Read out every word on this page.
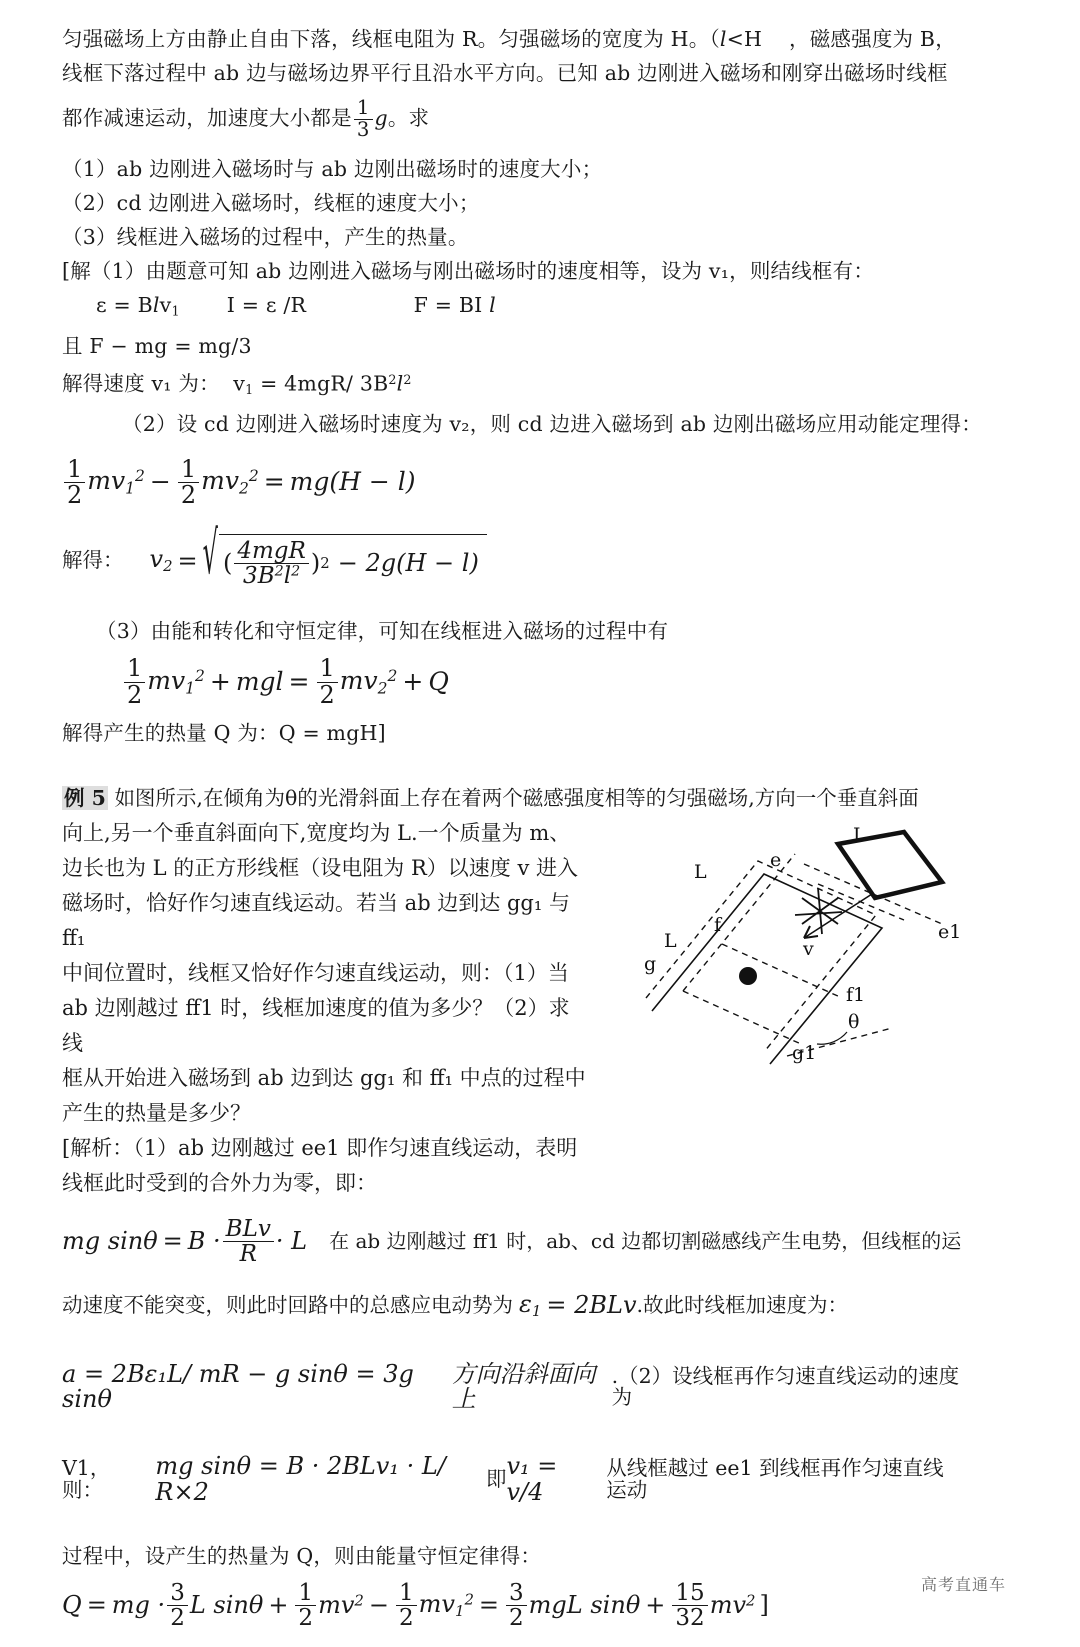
匀强磁场上方由静止自由下落，线框电阻为 R。匀强磁场的宽度为 H。（l<H ，磁感强度为 B，
线框下落过程中 ab 边与磁场边界平行且沿水平方向。已知 ab 边刚进入磁场和刚穿出磁场时线框
都作减速运动，加速度大小都是 $\frac{1}{3}$ g。求
（1）ab 边刚进入磁场时与 ab 边刚出磁场时的速度大小；
（2）cd 边刚进入磁场时，线框的速度大小；
（3）线框进入磁场的过程中，产生的热量。
[解（1）由题意可知 ab 边刚进入磁场与刚出磁场时的速度相等，设为 v₁，则结线框有：
ε = Blv$_1$ I = ε /R	F = BI l
且 F − mg = mg/3
解得速度 v₁ 为： $v_1 = 4mgR/$ $3B^2l^2$
（2）设 cd 边刚进入磁场时速度为 v₂，则 cd 边进入磁场到 ab 边刚出磁场应用动能定理得：
$\frac{1}{2} mv_1^2 - \frac{1}{2} mv_2^2 = mg(H - l)$
解得： $v_2$ = √ ( $\frac{\text{4mgR}}{3B^2l^2}$ ) 2 − 2g(H − l)
（3）由能和转化和守恒定律，可知在线框进入磁场的过程中有
$\frac{1}{2} mv_1^2$ + mgl = $\frac{1}{2} mv_2^2 + Q$
解得产生的热量 Q 为：Q = mgH]
例 5 如图所示,在倾角为θ的光滑斜面上存在着两个磁感强度相等的匀强磁场,方向一个垂直斜面
向上,另一个垂直斜面向下,宽度均为 L.一个质量为 m、
边长也为 L 的正方形线框（设电阻为 R）以速度 v 进入
磁场时，恰好作匀速直线运动。若当 ab 边到达 gg₁ 与 ff₁
中间位置时，线框又恰好作匀速直线运动，则：（1）当
ab 边刚越过 ff1 时，线框加速度的值为多少？（2）求线
框从开始进入磁场到 ab 边到达 gg₁ 和 ff₁ 中点的过程中
产生的热量是多少？
[解析：（1）ab 边刚越过 ee1 即作匀速直线运动，表明
线框此时受到的合外力为零，即：
L
L
L
e
f
g
e1
f1
g1
v
θ
mg $\sin \theta = B \cdot \frac{\text{BLv}}{R} \cdot L$	在 ab 边刚越过 ff1 时，ab、cd 边都切割磁感线产生电势，但线框的运
动速度不能突变，则此时回路中的总感应电动势为 $\varepsilon_1 = 2BLv$ .故此时线框加速度为：
a = 2Bε₁L/ mR − g sinθ = 3g sinθ
方向沿斜面向上
.（2）设线框再作匀速直线运动的速度为
V1，则：
mg sinθ = B · 2BLv₁ · L/ R×2	即 v₁ = v/4
从线框越过 ee1 到线框再作匀速直线运动
过程中，设产生的热量为 Q，则由能量守恒定律得：
Q = mg · $\frac{3}{2}$ L $\sin \theta + \frac{1}{2} mv^2 - \frac{1}{2} mv_1^2 = \frac{3}{2}$ mgL $\sin \theta + \frac{15}{32} mv^2$ ]
高考直通车
